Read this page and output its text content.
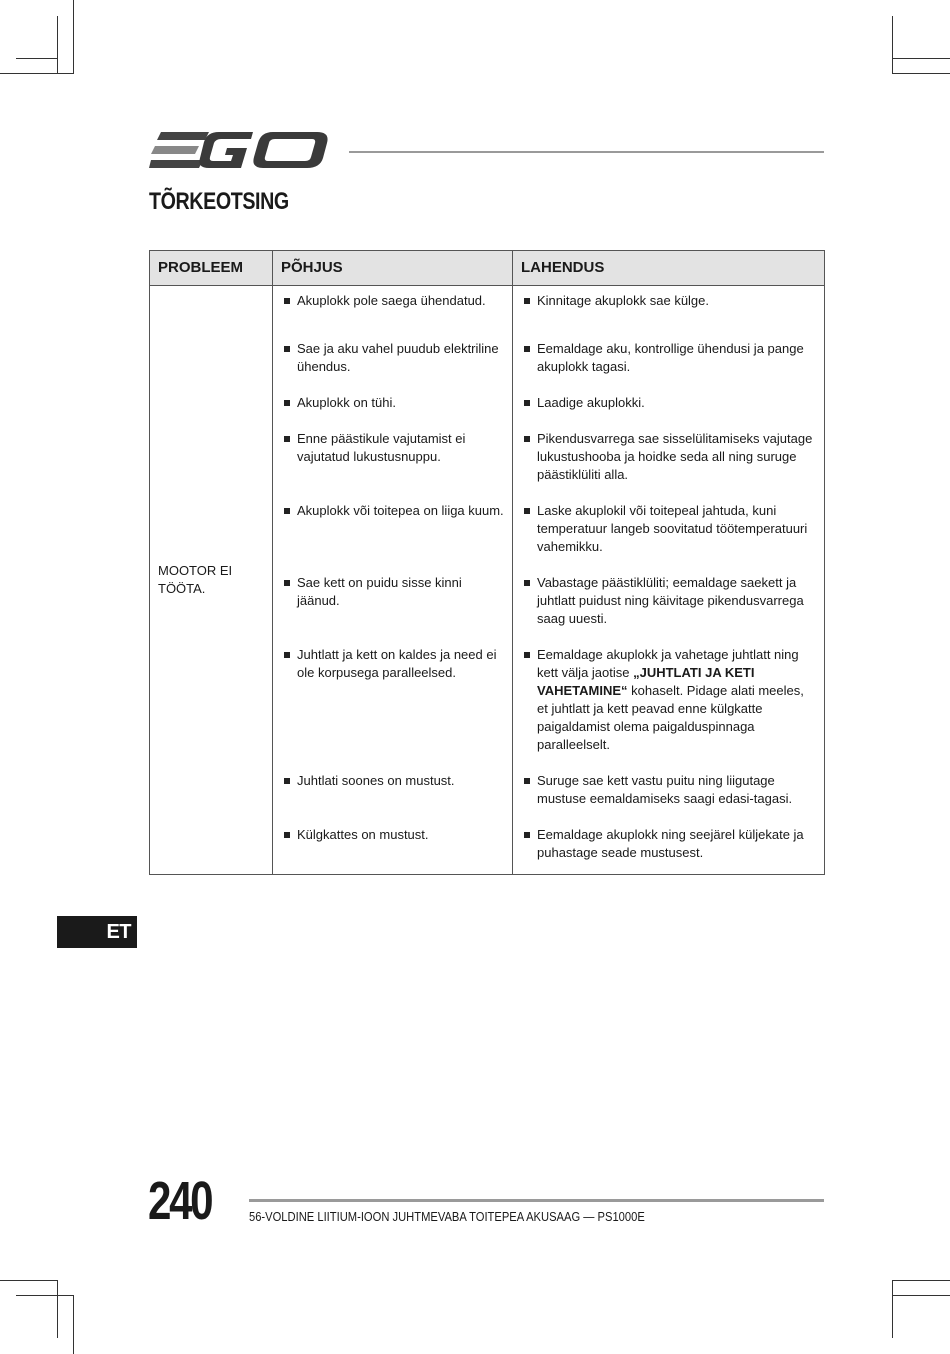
TÕRKEOTSING
PROBLEEM	PÕHJUS	LAHENDUS
MOOTOR EI TÖÖTA.	Akuplokk pole saega ühendatud.	Kinnitage akuplokk sae külge.

Sae ja aku vahel puudub elektriline ühendus.	Eemaldage aku, kontrollige ühendusi ja pange akuplokk tagasi.

Akuplokk on tühi.	Laadige akuplokki.

Enne päästikule vajutamist ei vajutatud lukustusnuppu.	Pikendusvarrega sae sisselülitamiseks vajutage lukustushooba ja hoidke seda all ning suruge päästiklüliti alla.

Akuplokk või toitepea on liiga kuum.	Laske akuplokil või toitepeal jahtuda, kuni temperatuur langeb soovitatud töötemperatuuri vahemikku.

Sae kett on puidu sisse kinni jäänud.	Vabastage päästiklüliti; eemaldage saekett ja juhtlatt puidust ning käivitage pikendusvarrega saag uuesti.

Juhtlatt ja kett on kaldes ja need ei ole korpusega paralleelsed.	Eemaldage akuplokk ja vahetage juhtlatt ning kett välja jaotise „JUHTLATI JA KETI VAHETAMINE“ kohaselt. Pidage alati meeles, et juhtlatt ja kett peavad enne külgkatte paigaldamist olema paigalduspinnaga paralleelselt.

Juhtlati soones on mustust.	Suruge sae kett vastu puitu ning liigutage mustuse eemaldamiseks saagi edasi-tagasi.

Külgkattes on mustust.	Eemaldage akuplokk ning seejärel küljekate ja puhastage seade mustusest.
ET
240	56-VOLDINE LIITIUM-IOON JUHTMEVABA TOITEPEA AKUSAAG — PS1000E
